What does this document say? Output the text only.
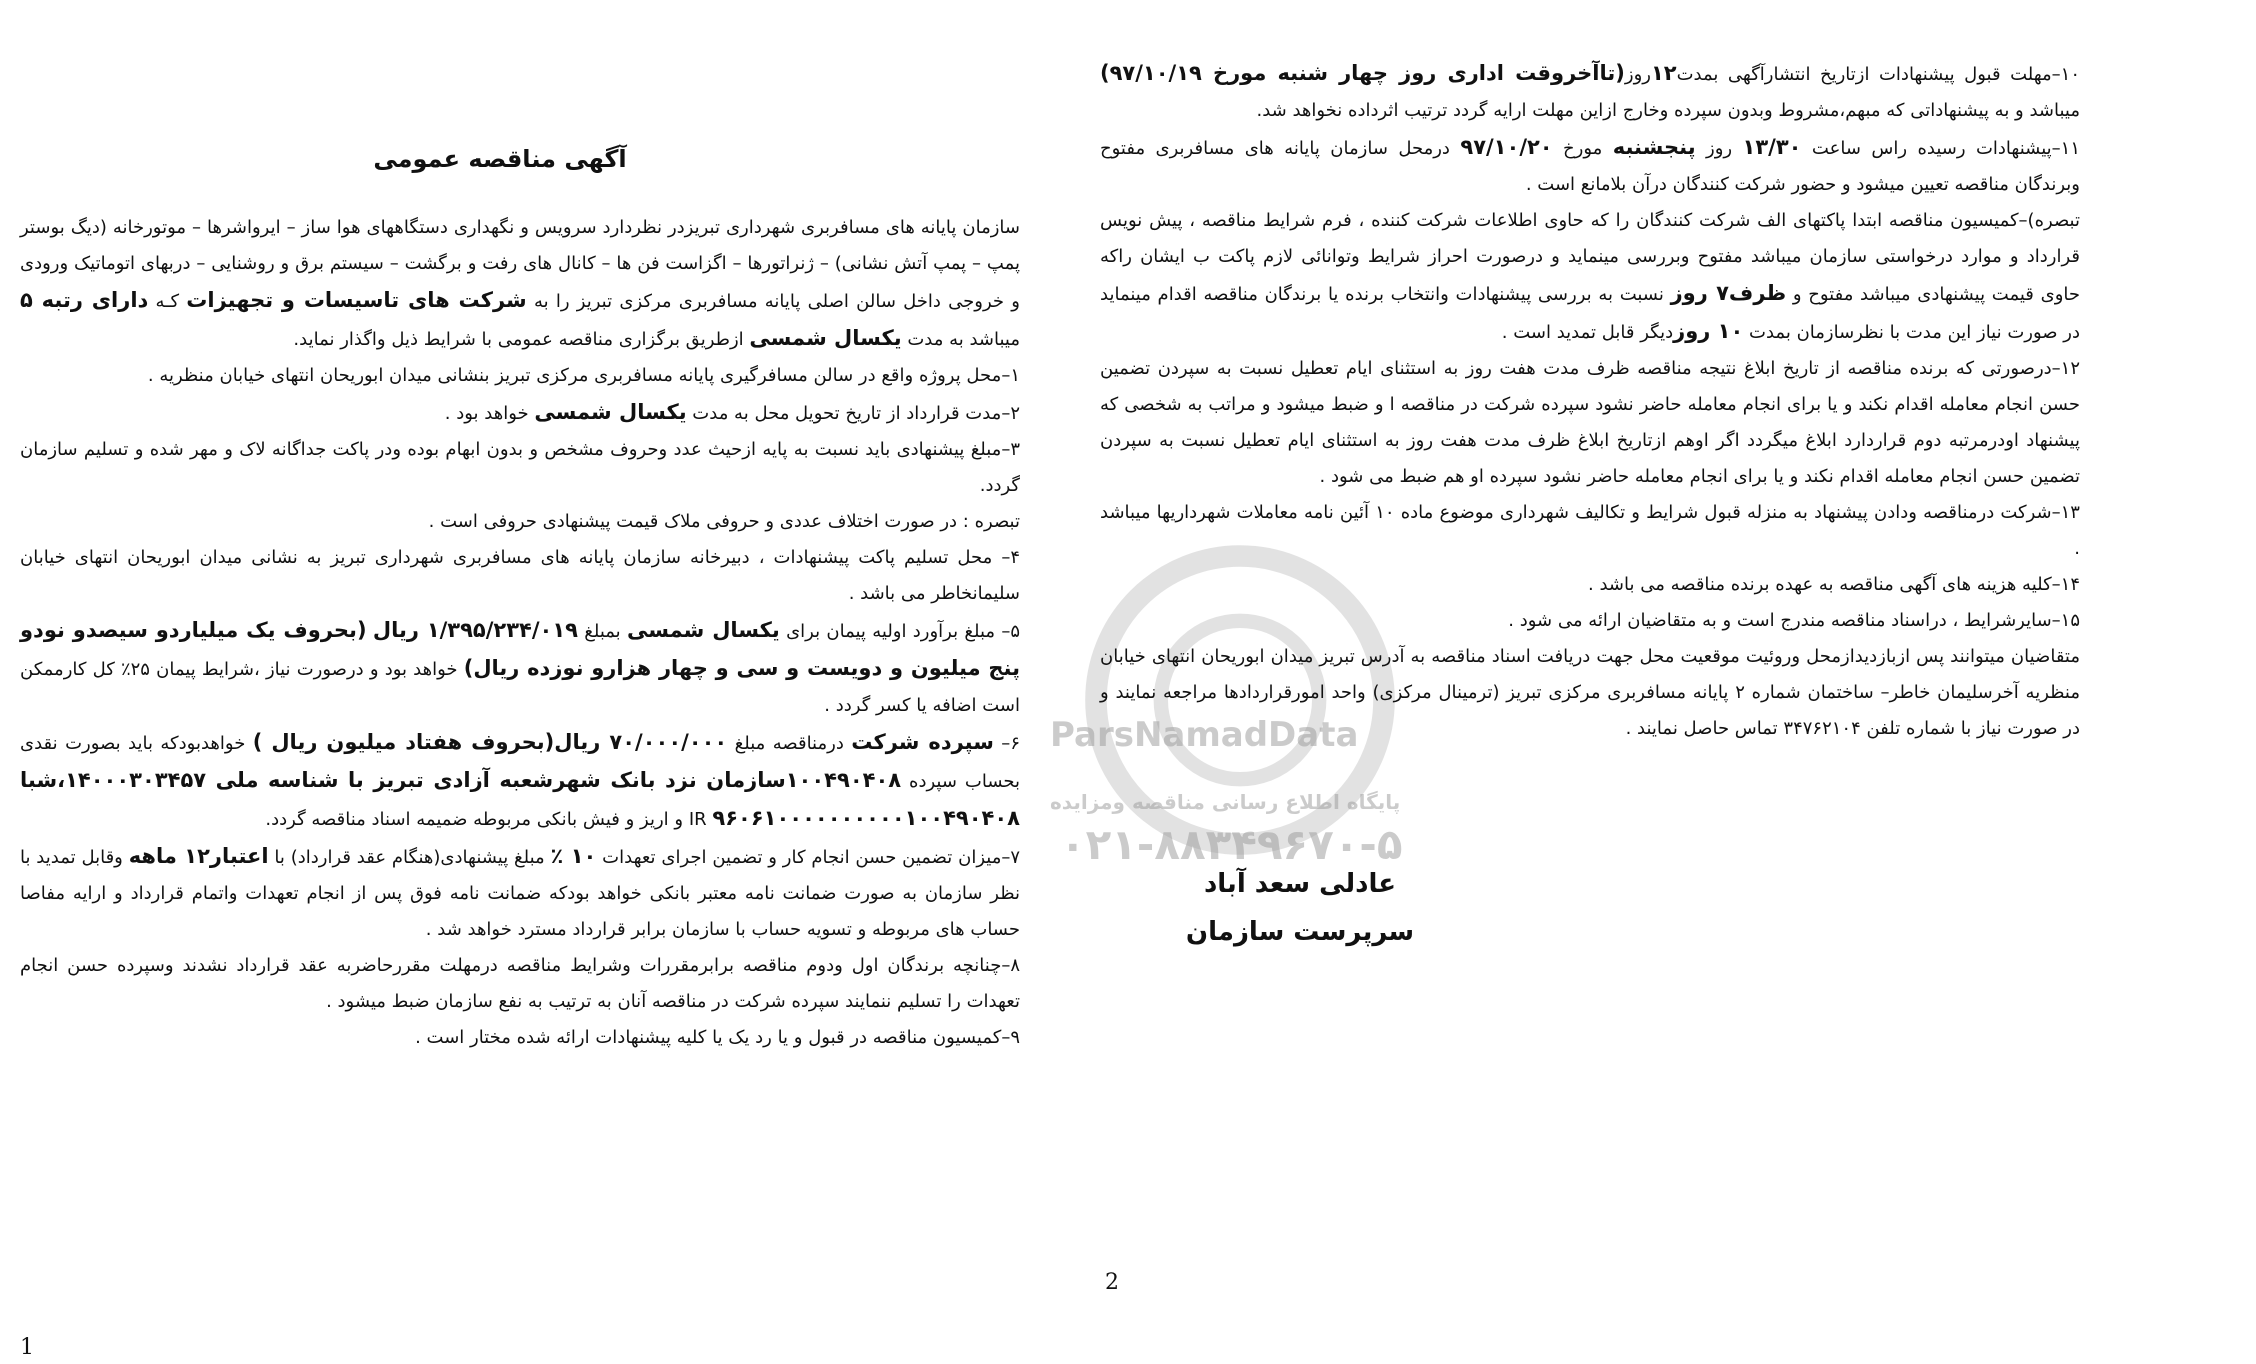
ParsNamadData
پایگاه اطلاع رسانی مناقصه ومزایده
۰۲۱-۸۸۳۴۹۶۷۰-۵
آگهی مناقصه عمومی

سازمان پایانه های مسافربری شهرداری تبریزدر نظردارد سرویس و نگهداری دستگاههای هوا ساز – ایرواشرها – موتورخانه (دیگ بوستر پمپ – پمپ آتش نشانی) – ژنراتورها – اگزاست فن ها – کانال های رفت و برگشت – سیستم برق و روشنایی – دربهای اتوماتیک ورودی و خروجی داخل سالن اصلی پایانه مسافربری مرکزی تبریز را به شرکت های تاسیسات و تجهیزات کـه دارای رتبه ۵ میباشد به مدت یکسال شمسی ازطریق برگزاری مناقصه عمومی با شرایط ذیل واگذار نماید.

۱–محل پروژه واقع در سالن مسافرگیری پایانه مسافربری مرکزی تبریز بنشانی میدان ابوریحان انتهای خیابان منظریه .

۲–مدت قرارداد از تاریخ تحویل محل به مدت یکسال شمسی خواهد بود .

۳–مبلغ پیشنهادی باید نسبت به پایه ازحیث عدد وحروف مشخص و بدون ابهام بوده ودر پاکت جداگانه لاک و مهر شده و تسلیم سازمان گردد.

تبصره : در صورت اختلاف عددی و حروفی ملاک قیمت پیشنهادی حروفی است .

۴– محل تسلیم پاکت پیشنهادات ، دبیرخانه سازمان پایانه های مسافربری شهرداری تبریز به نشانی میدان ابوریحان انتهای خیابان سلیمانخاطر می باشد .

۵– مبلغ برآورد اولیه پیمان برای یکسال شمسی بمبلغ ۱/۳۹۵/۲۳۴/۰۱۹ ریال (بحروف یک میلیاردو سیصدو نودو پنج میلیون و دویست و سی و چهار هزارو نوزده ریال) خواهد بود و درصورت نیاز ،شرایط پیمان ۲۵٪ کل کارممکن است اضافه یا کسر گردد .

۶– سپرده شرکت درمناقصه مبلغ ۷۰/۰۰۰/۰۰۰ ریال(بحروف هفتاد میلیون ریال ) خواهدبودکه باید بصورت نقدی بحساب سپرده ۱۰۰۴۹۰۴۰۸سازمان نزد بانک شهرشعبه آزادی تبریز با شناسه ملی ۱۴۰۰۰۳۰۳۴۵۷،شبا ۹۶۰۶۱۰۰۰۰۰۰۰۰۰۰۱۰۰۴۹۰۴۰۸ IR و اریز و فیش بانکی مربوطه ضمیمه اسناد مناقصه گردد.

۷–میزان تضمین حسن انجام کار و تضمین اجرای تعهدات ۱۰ ٪ مبلغ پیشنهادی(هنگام عقد قرارداد) با اعتبار۱۲ ماهه وقابل تمدید با نظر سازمان به صورت ضمانت نامه معتبر بانکی خواهد بودکه ضمانت نامه فوق پس از انجام تعهدات واتمام قرارداد و ارایه مفاصا حساب های مربوطه و تسویه حساب با سازمان برابر قرارداد مسترد خواهد شد .

۸–چنانچه برندگان اول ودوم مناقصه برابرمقررات وشرایط مناقصه درمهلت مقررحاضربه عقد قرارداد نشدند وسپرده حسن انجام تعهدات را تسلیم ننمایند سپرده شرکت در مناقصه آنان به ترتیب به نفع سازمان ضبط میشود .

۹–کمیسیون مناقصه در قبول و یا رد یک یا کلیه پیشنهادات ارائه شده مختار است .

۱۰–مهلت قبول پیشنهادات ازتاریخ انتشارآگهی بمدت۱۲روز(تاآخروقت اداری روز چهار شنبه مورخ ۹۷/۱۰/۱۹) میباشد و به پیشنهاداتی که مبهم،مشروط وبدون سپرده وخارج ازاین مهلت ارایه گردد ترتیب اثرداده نخواهد شد.

۱۱–پیشنهادات رسیده راس ساعت ۱۳/۳۰ روز پنجشنبه مورخ ۹۷/۱۰/۲۰ درمحل سازمان پایانه های مسافربری مفتوح وبرندگان مناقصه تعیین میشود و حضور شرکت کنندگان درآن بلامانع است .

تبصره)–کمیسیون مناقصه ابتدا پاکتهای الف شرکت کنندگان را که حاوی اطلاعات شرکت کننده ، فرم شرایط مناقصه ، پیش نویس قرارداد و موارد درخواستی سازمان میباشد مفتوح وبررسی مینماید و درصورت احراز شرایط وتوانائی لازم پاکت ب ایشان راکه حاوی قیمت پیشنهادی میباشد مفتوح و ظرف۷ روز نسبت به بررسی پیشنهادات وانتخاب برنده یا برندگان مناقصه اقدام مینماید در صورت نیاز این مدت با نظرسازمان بمدت ۱۰ روزدیگر قابل تمدید است .

۱۲–درصورتی که برنده مناقصه از تاریخ ابلاغ نتیجه مناقصه ظرف مدت هفت روز به استثنای ایام تعطیل نسبت به سپردن تضمین حسن انجام معامله اقدام نکند و یا برای انجام معامله حاضر نشود سپرده شرکت در مناقصه ا و ضبط میشود و مراتب به شخصی که پیشنهاد اودرمرتبه دوم قراردارد ابلاغ میگردد اگر اوهم ازتاریخ ابلاغ ظرف مدت هفت روز به استثنای ایام تعطیل نسبت به سپردن تضمین حسن انجام معامله اقدام نکند و یا برای انجام معامله حاضر نشود سپرده او هم ضبط می شود .

۱۳–شرکت درمناقصه ودادن پیشنهاد به منزله قبول شرایط و تکالیف شهرداری موضوع ماده ۱۰ آئین نامه معاملات شهرداریها میباشد .

۱۴–کلیه هزینه های آگهی مناقصه به عهده برنده مناقصه می باشد .

۱۵–سایرشرایط ، دراسناد مناقصه مندرج است و به متقاضیان ارائه می شود .

متقاضیان میتوانند پس ازبازدیدازمحل وروئیت موقعیت محل جهت دریافت اسناد مناقصه به آدرس تبریز میدان ابوریحان انتهای خیابان منظریه آخرسلیمان خاطر– ساختمان شماره ۲ پایانه مسافربری مرکزی تبریز (ترمینال مرکزی) واحد امورقراردادها مراجعه نمایند و در صورت نیاز با شماره تلفن ۳۴۷۶۲۱۰۴ تماس حاصل نمایند .

عادلی سعد آباد
سرپرست سازمان
2
1
